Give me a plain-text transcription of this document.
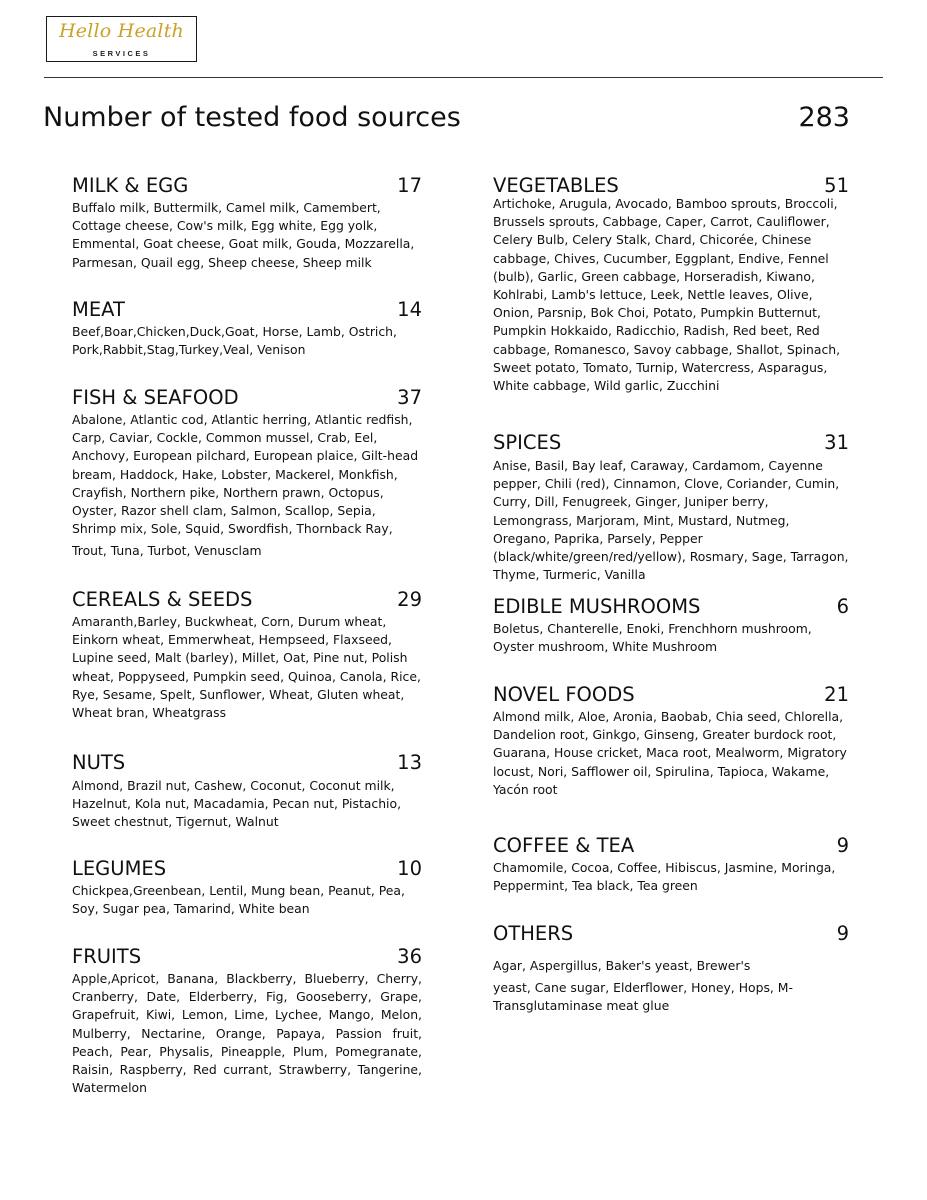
Hello Health
SERVICES
Number of tested food sources	283
MILK & EGG	17
Buffalo milk, Buttermilk, Camel milk, Camembert, Cottage cheese, Cow's milk, Egg white, Egg yolk, Emmental, Goat cheese, Goat milk, Gouda, Mozzarella, Parmesan, Quail egg, Sheep cheese, Sheep milk
MEAT	14
Beef,Boar,Chicken,Duck,Goat, Horse, Lamb, Ostrich, Pork,Rabbit,Stag,Turkey,Veal, Venison
FISH & SEAFOOD	37
Abalone, Atlantic cod, Atlantic herring, Atlantic redfish, Carp, Caviar, Cockle, Common mussel, Crab, Eel, Anchovy, European pilchard, European plaice, Gilt-head bream, Haddock, Hake, Lobster, Mackerel, Monkfish, Crayfish, Northern pike, Northern prawn, Octopus, Oyster, Razor shell clam, Salmon, Scallop, Sepia, Shrimp mix, Sole, Squid, Swordfish, Thornback Ray,
Trout, Tuna, Turbot, Venusclam
CEREALS & SEEDS	29
Amaranth,Barley, Buckwheat, Corn, Durum wheat, Einkorn wheat, Emmerwheat, Hempseed, Flaxseed, Lupine seed, Malt (barley), Millet, Oat, Pine nut, Polish wheat, Poppyseed, Pumpkin seed, Quinoa, Canola, Rice, Rye, Sesame, Spelt, Sunflower, Wheat, Gluten wheat, Wheat bran, Wheatgrass
NUTS	13
Almond, Brazil nut, Cashew, Coconut, Coconut milk, Hazelnut, Kola nut, Macadamia, Pecan nut, Pistachio, Sweet chestnut, Tigernut, Walnut
LEGUMES	10
Chickpea,Greenbean, Lentil, Mung bean, Peanut, Pea, Soy, Sugar pea, Tamarind, White bean
FRUITS	36
Apple,Apricot, Banana, Blackberry, Blueberry, Cherry, Cranberry, Date, Elderberry, Fig, Gooseberry, Grape, Grapefruit, Kiwi, Lemon, Lime, Lychee, Mango, Melon, Mulberry, Nectarine, Orange, Papaya, Passion fruit, Peach, Pear, Physalis, Pineapple, Plum, Pomegranate, Raisin, Raspberry, Red currant, Strawberry, Tangerine, Watermelon
VEGETABLES	51
Artichoke, Arugula, Avocado, Bamboo sprouts, Broccoli, Brussels sprouts, Cabbage, Caper, Carrot, Cauliflower, Celery Bulb, Celery Stalk, Chard, Chicorée, Chinese cabbage, Chives, Cucumber, Eggplant, Endive, Fennel (bulb), Garlic, Green cabbage, Horseradish, Kiwano, Kohlrabi, Lamb's lettuce, Leek, Nettle leaves, Olive, Onion, Parsnip, Bok Choi, Potato, Pumpkin Butternut, Pumpkin Hokkaido, Radicchio, Radish, Red beet, Red cabbage, Romanesco, Savoy cabbage, Shallot, Spinach, Sweet potato, Tomato, Turnip, Watercress, Asparagus, White cabbage, Wild garlic, Zucchini
SPICES	31
Anise, Basil, Bay leaf, Caraway, Cardamom, Cayenne pepper, Chili (red), Cinnamon, Clove, Coriander, Cumin, Curry, Dill, Fenugreek, Ginger, Juniper berry, Lemongrass, Marjoram, Mint, Mustard, Nutmeg, Oregano, Paprika, Parsely, Pepper (black/white/green/red/yellow), Rosmary, Sage, Tarragon, Thyme, Turmeric, Vanilla
EDIBLE MUSHROOMS	6
Boletus, Chanterelle, Enoki, Frenchhorn mushroom, Oyster mushroom, White Mushroom
NOVEL FOODS	21
Almond milk, Aloe, Aronia, Baobab, Chia seed, Chlorella, Dandelion root, Ginkgo, Ginseng, Greater burdock root, Guarana, House cricket, Maca root, Mealworm, Migratory locust, Nori, Safflower oil, Spirulina, Tapioca, Wakame, Yacón root
COFFEE & TEA	9
Chamomile, Cocoa, Coffee, Hibiscus, Jasmine, Moringa, Peppermint, Tea black, Tea green
OTHERS	9
Agar, Aspergillus, Baker's yeast, Brewer's
yeast, Cane sugar, Elderflower, Honey, Hops, M-Transglutaminase meat glue
